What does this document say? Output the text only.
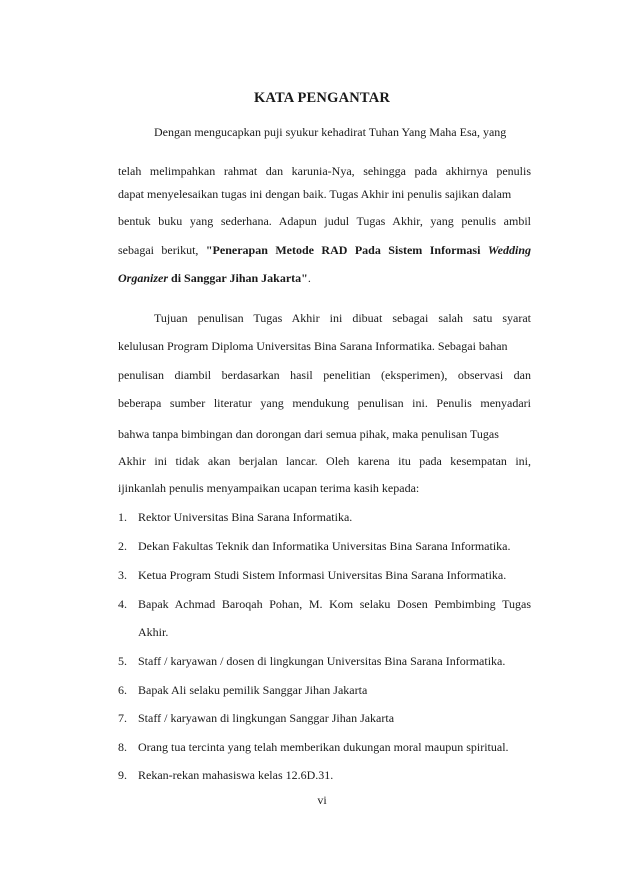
KATA PENGANTAR
Dengan mengucapkan puji syukur kehadirat Tuhan Yang Maha Esa, yang
telah melimpahkan rahmat dan karunia-Nya, sehingga pada akhirnya penulis
dapat menyelesaikan tugas ini dengan baik. Tugas Akhir ini penulis sajikan dalam
bentuk buku yang sederhana. Adapun judul Tugas Akhir, yang penulis ambil
sebagai berikut, "Penerapan Metode RAD Pada Sistem Informasi Wedding
Organizer di Sanggar Jihan Jakarta".
Tujuan penulisan Tugas Akhir ini dibuat sebagai salah satu syarat
kelulusan Program Diploma Universitas Bina Sarana Informatika. Sebagai bahan
penulisan diambil berdasarkan hasil penelitian (eksperimen), observasi dan
beberapa sumber literatur yang mendukung penulisan ini. Penulis menyadari
bahwa tanpa bimbingan dan dorongan dari semua pihak, maka penulisan Tugas
Akhir ini tidak akan berjalan lancar. Oleh karena itu pada kesempatan ini,
ijinkanlah penulis menyampaikan ucapan terima kasih kepada:
1. Rektor Universitas Bina Sarana Informatika.
2. Dekan Fakultas Teknik dan Informatika Universitas Bina Sarana Informatika.
3. Ketua Program Studi Sistem Informasi Universitas Bina Sarana Informatika.
4. Bapak Achmad Baroqah Pohan, M. Kom selaku Dosen Pembimbing Tugas
Akhir.
5. Staff / karyawan / dosen di lingkungan Universitas Bina Sarana Informatika.
6. Bapak Ali selaku pemilik Sanggar Jihan Jakarta
7. Staff / karyawan di lingkungan Sanggar Jihan Jakarta
8. Orang tua tercinta yang telah memberikan dukungan moral maupun spiritual.
9. Rekan-rekan mahasiswa kelas 12.6D.31.
vi
